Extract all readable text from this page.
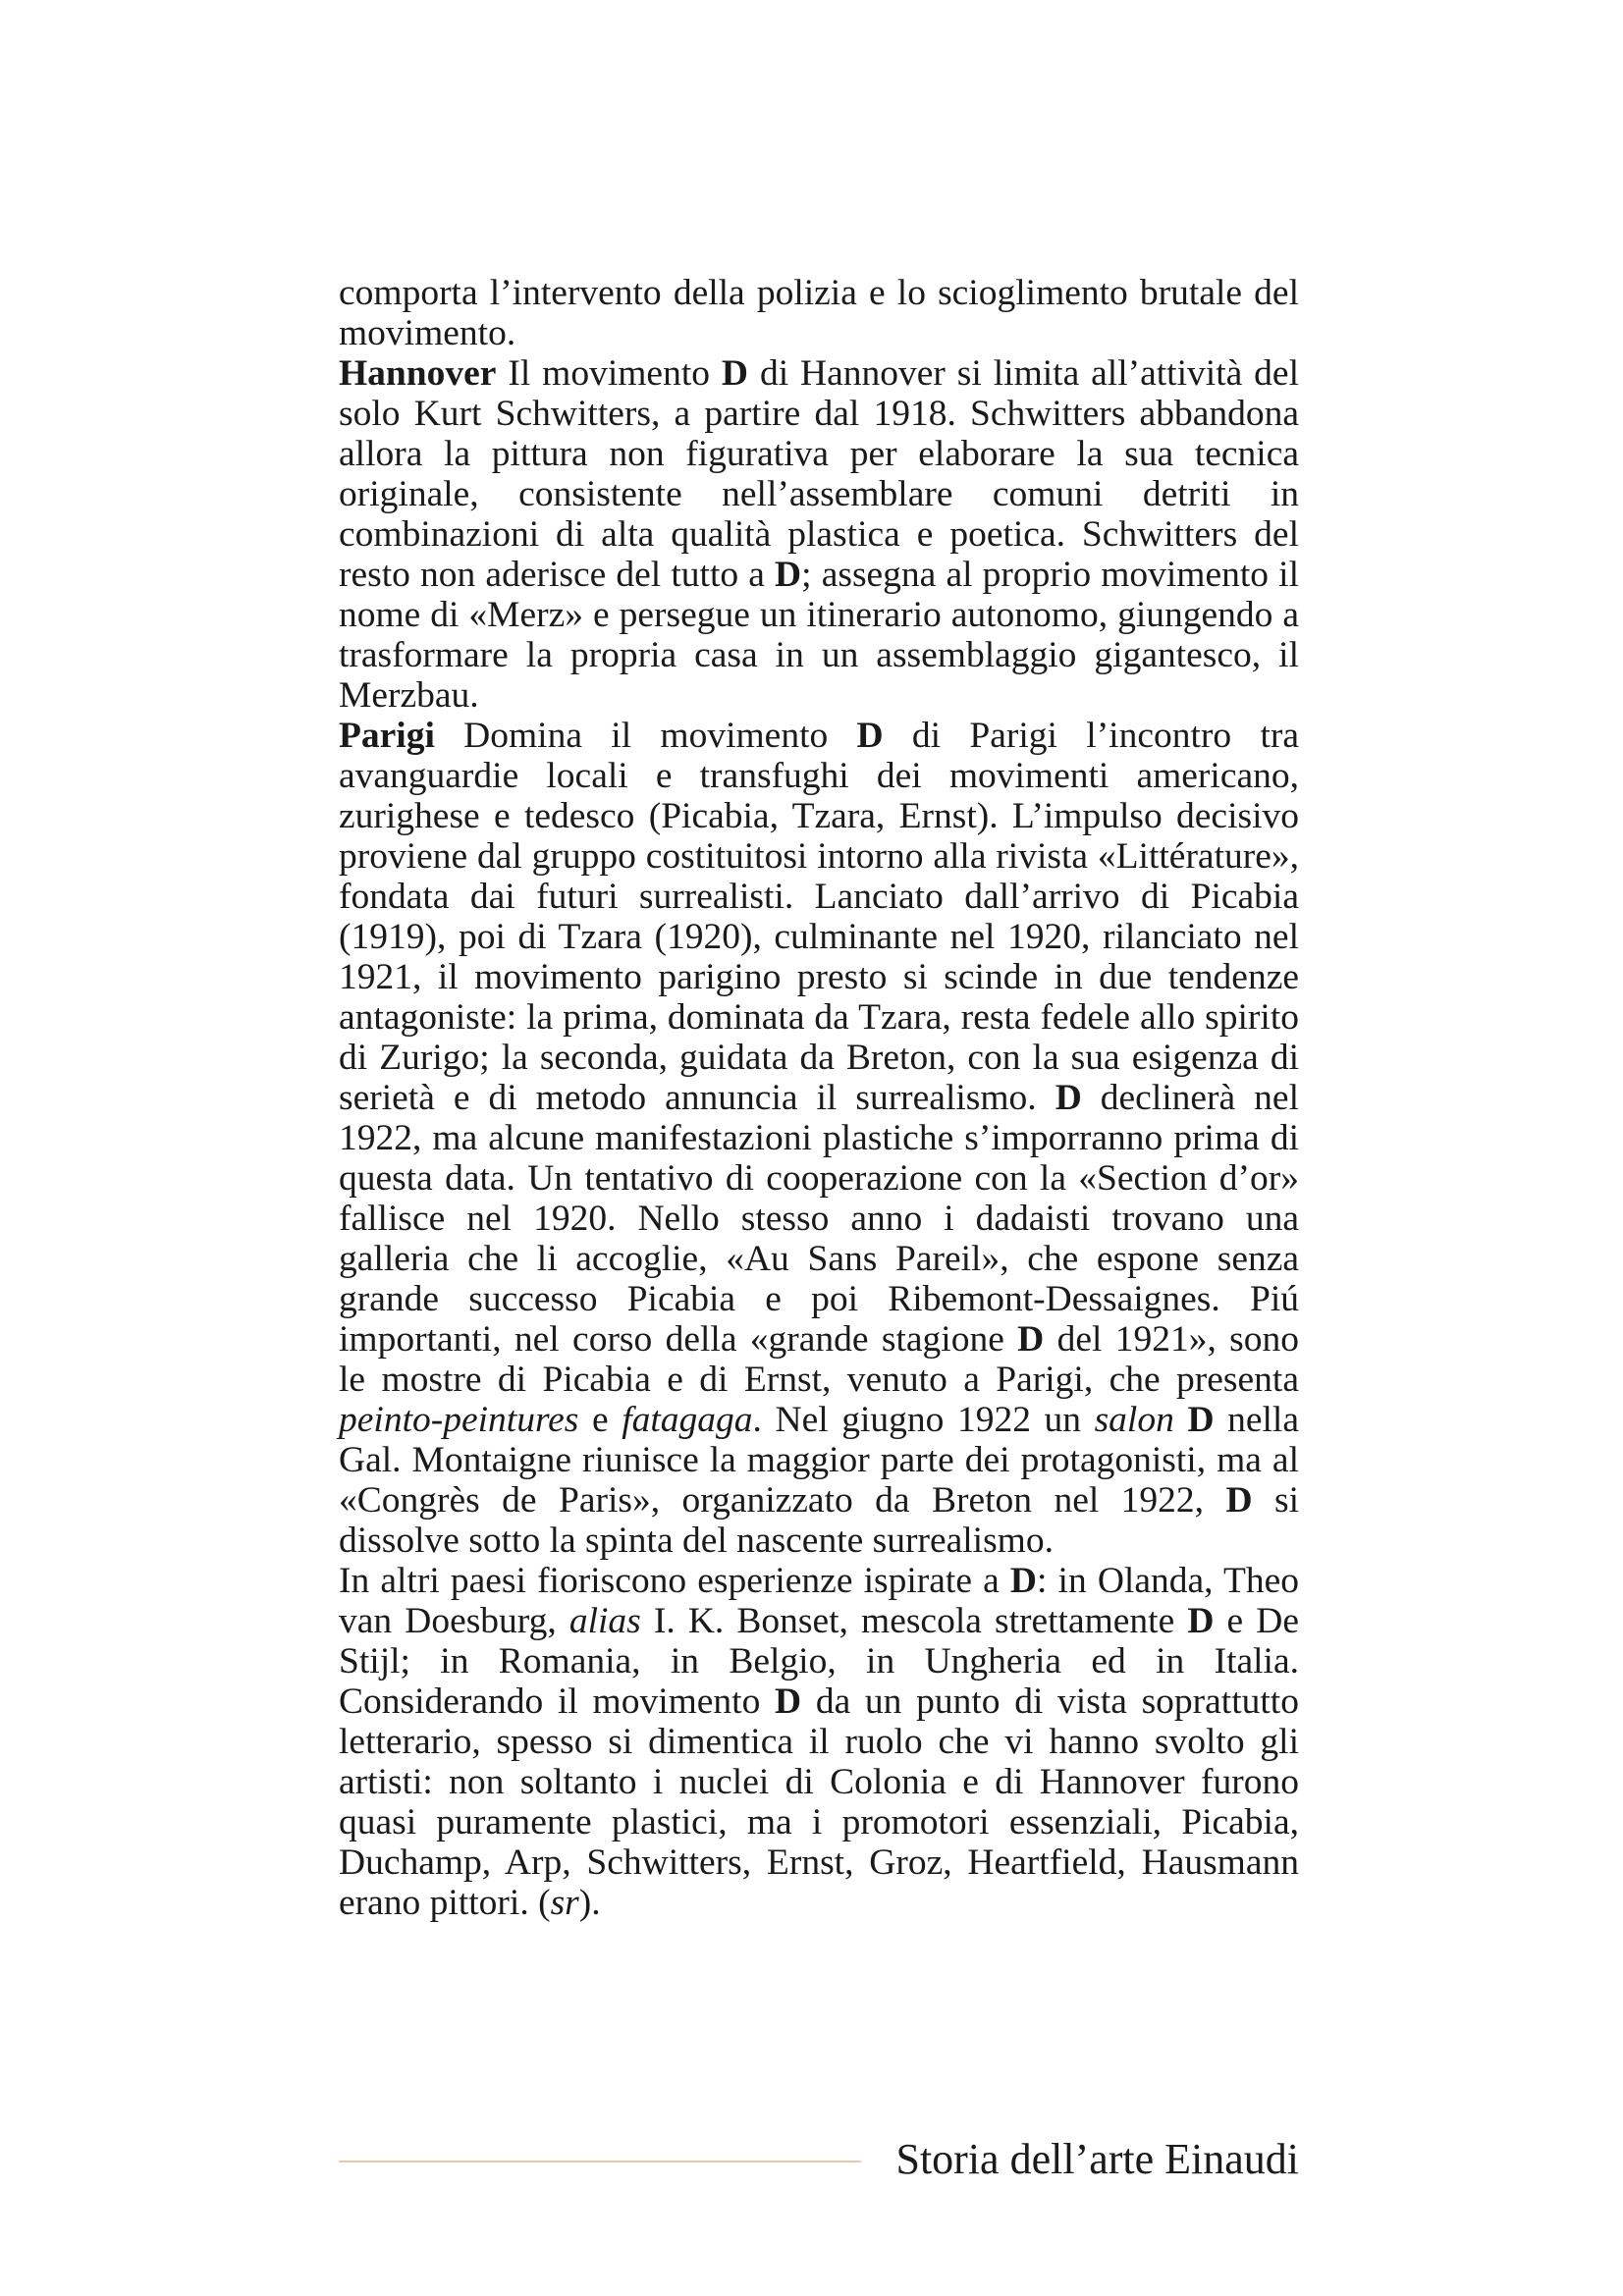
comporta l’intervento della polizia e lo scioglimento brutale del movimento.

Hannover Il movimento D di Hannover si limita all’attività del solo Kurt Schwitters, a partire dal 1918. Schwitters abbandona allora la pittura non figurativa per elaborare la sua tecnica originale, consistente nell’assemblare comuni detriti in combinazioni di alta qualità plastica e poetica. Schwitters del resto non aderisce del tutto a D; assegna al proprio movimento il nome di «Merz» e persegue un itinerario autonomo, giungendo a trasformare la propria casa in un assemblaggio gigantesco, il Merzbau.

Parigi Domina il movimento D di Parigi l’incontro tra avanguardie locali e transfughi dei movimenti americano, zurighese e tedesco (Picabia, Tzara, Ernst). L’impulso decisivo proviene dal gruppo costituitosi intorno alla rivista «Littérature», fondata dai futuri surrealisti. Lanciato dall’arrivo di Picabia (1919), poi di Tzara (1920), culminante nel 1920, rilanciato nel 1921, il movimento parigino presto si scinde in due tendenze antagoniste: la prima, dominata da Tzara, resta fedele allo spirito di Zurigo; la seconda, guidata da Breton, con la sua esigenza di serietà e di metodo annuncia il surrealismo. D declinerà nel 1922, ma alcune manifestazioni plastiche s’imporranno prima di questa data. Un tentativo di cooperazione con la «Section d’or» fallisce nel 1920. Nello stesso anno i dadaisti trovano una galleria che li accoglie, «Au Sans Pareil», che espone senza grande successo Picabia e poi Ribemont-Dessaignes. Piú importanti, nel corso della «grande stagione D del 1921», sono le mostre di Picabia e di Ernst, venuto a Parigi, che presenta peinto-peintures e fatagaga. Nel giugno 1922 un salon D nella Gal. Montaigne riunisce la maggior parte dei protagonisti, ma al «Congrès de Paris», organizzato da Breton nel 1922, D si dissolve sotto la spinta del nascente surrealismo.

In altri paesi fioriscono esperienze ispirate a D: in Olanda, Theo van Doesburg, alias I. K. Bonset, mescola strettamente D e De Stijl; in Romania, in Belgio, in Ungheria ed in Italia. Considerando il movimento D da un punto di vista soprattutto letterario, spesso si dimentica il ruolo che vi hanno svolto gli artisti: non soltanto i nuclei di Colonia e di Hannover furono quasi puramente plastici, ma i promotori essenziali, Picabia, Duchamp, Arp, Schwitters, Ernst, Groz, Heartfield, Hausmann erano pittori. (sr).

Storia dell’arte Einaudi
